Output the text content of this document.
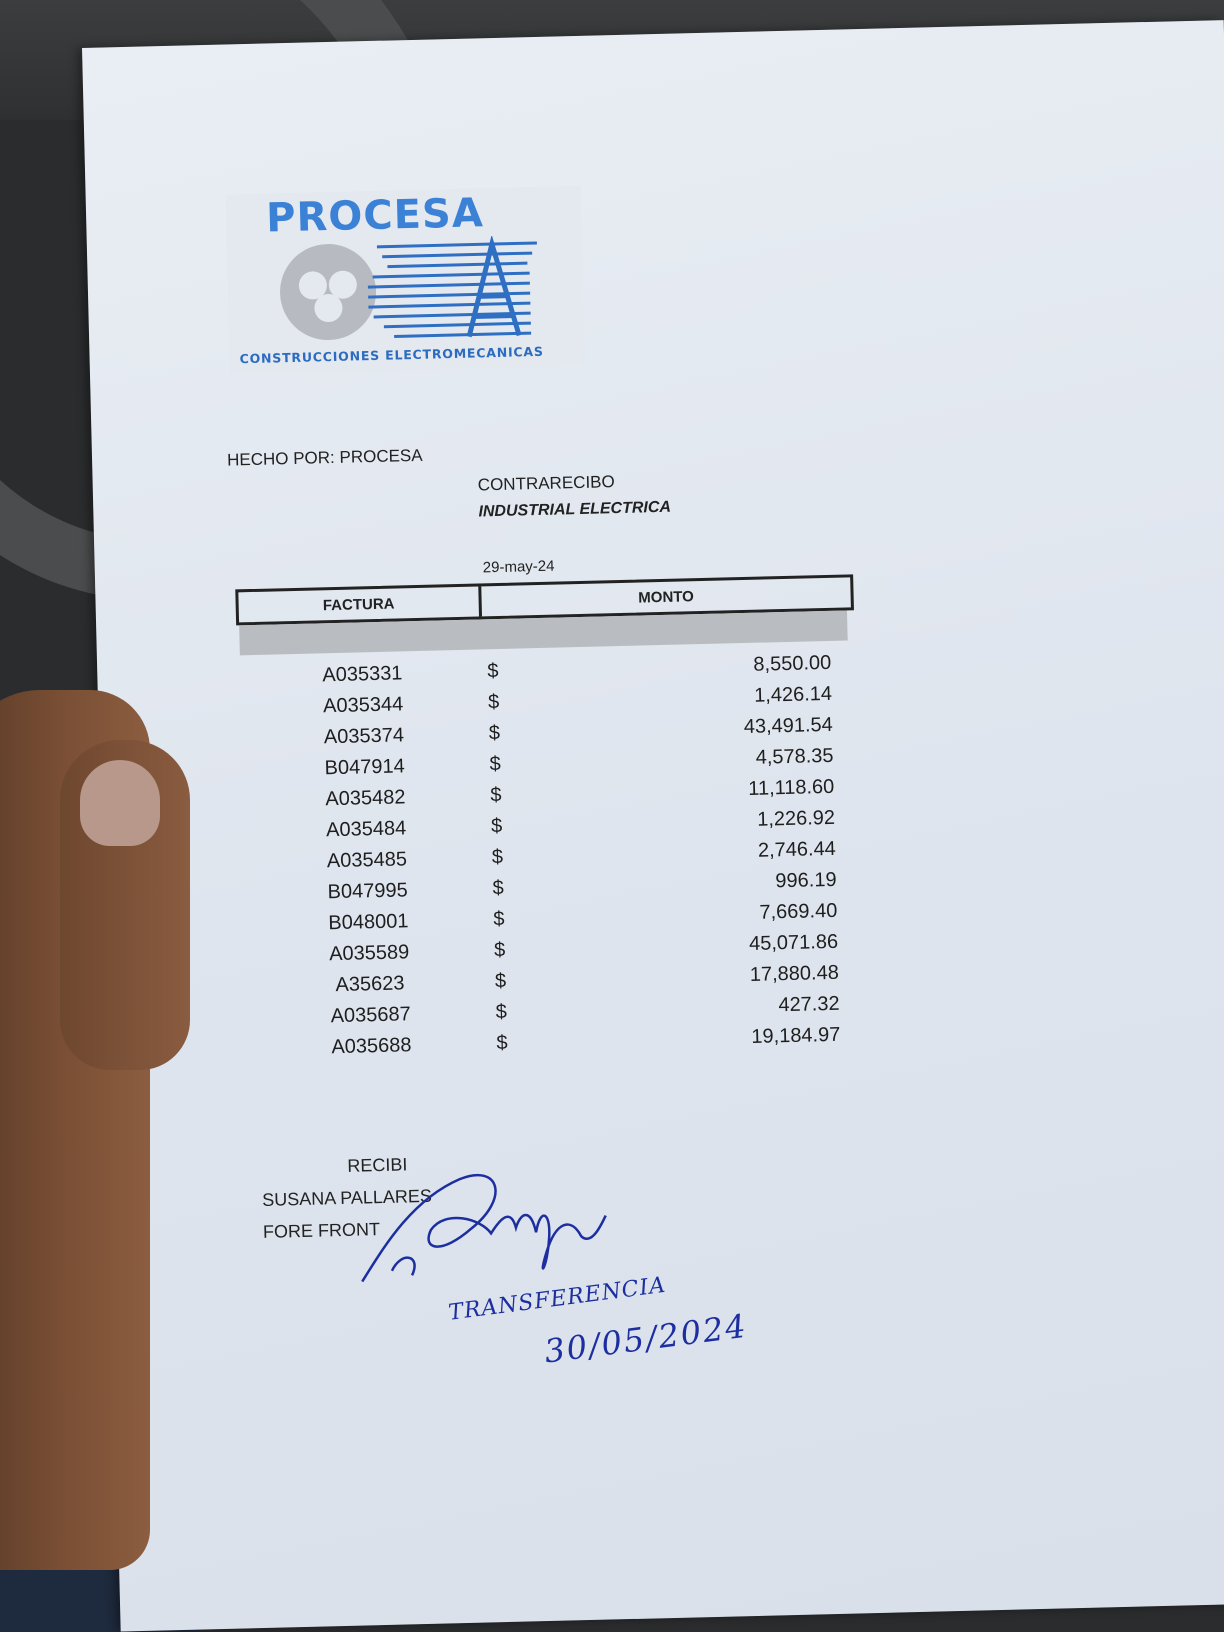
PROCESA
CONSTRUCCIONES ELECTROMECANICAS
HECHO POR: PROCESA
CONTRARECIBO
INDUSTRIAL ELECTRICA
29-may-24
FACTURA	MONTO
A035331	$	8,550.00
A035344	$	1,426.14
A035374	$	43,491.54
B047914	$	4,578.35
A035482	$	11,118.60
A035484	$	1,226.92
A035485	$	2,746.44
B047995	$	996.19
B048001	$	7,669.40
A035589	$	45,071.86
A35623	$	17,880.48
A035687	$	427.32
A035688	$	19,184.97
RECIBI
SUSANA PALLARES
FORE FRONT
TRANSFERENCIA
30/05/2024
